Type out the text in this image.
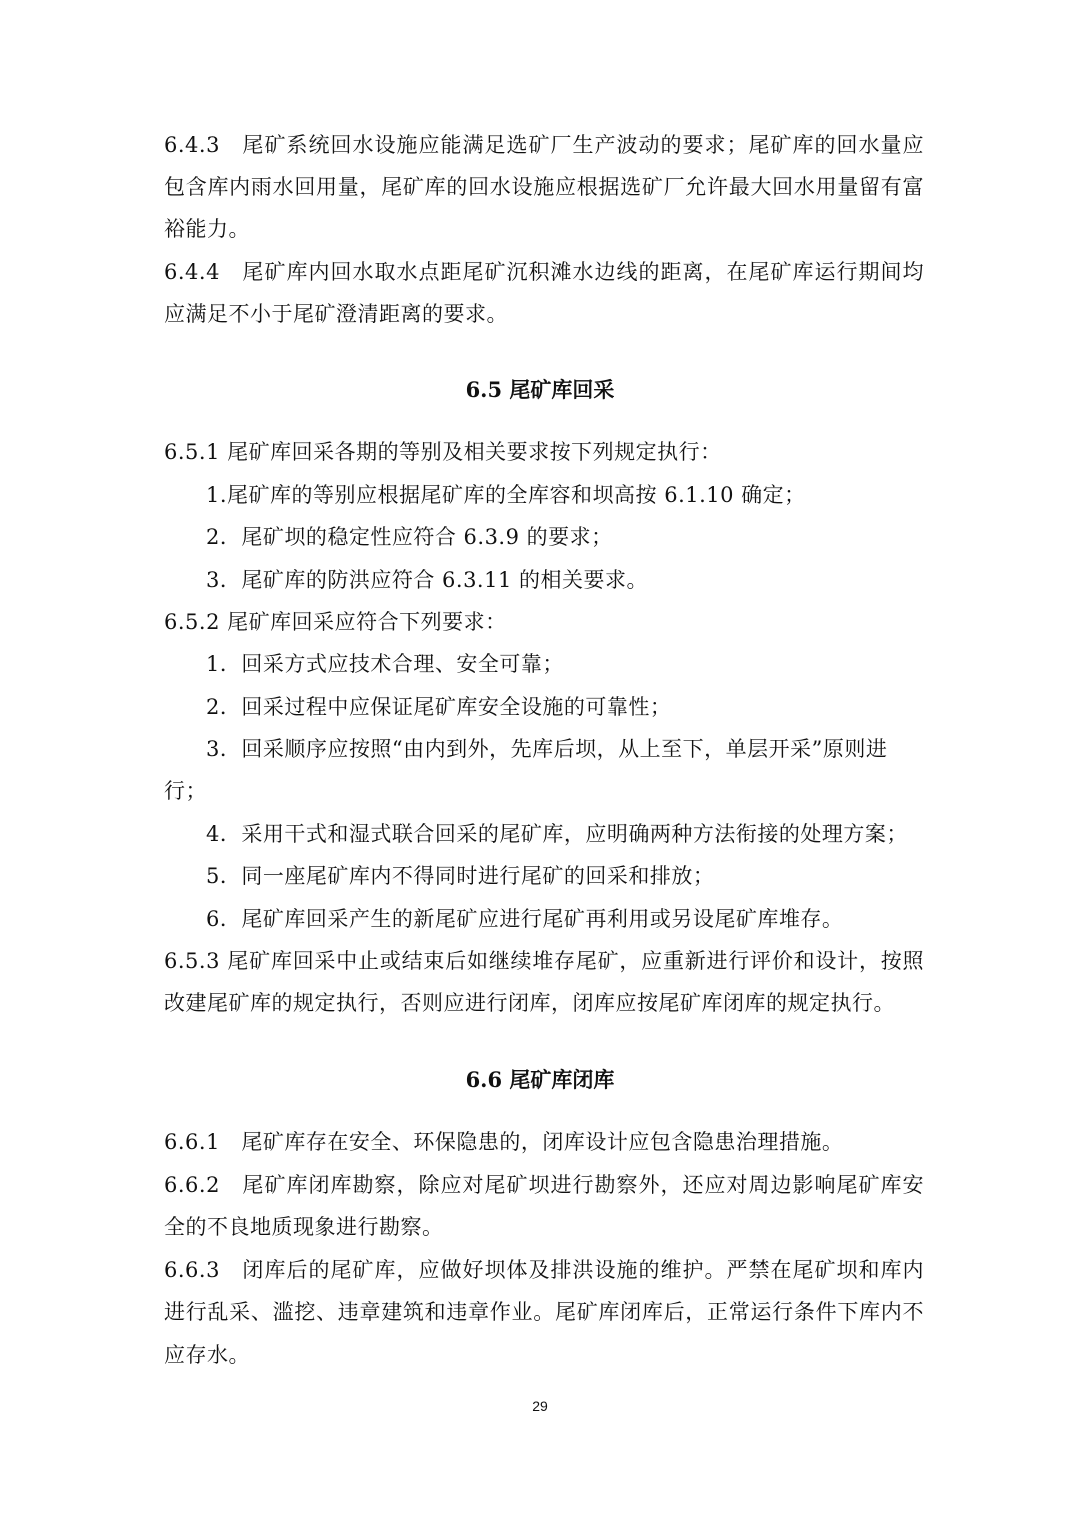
6.4.3　尾矿系统回水设施应能满足选矿厂生产波动的要求；尾矿库的回水量应

包含库内雨水回用量，尾矿库的回水设施应根据选矿厂允许最大回水用量留有富

裕能力。

6.4.4　尾矿库内回水取水点距尾矿沉积滩水边线的距离，在尾矿库运行期间均

应满足不小于尾矿澄清距离的要求。

6.5 尾矿库回采

6.5.1 尾矿库回采各期的等别及相关要求按下列规定执行：

1.尾矿库的等别应根据尾矿库的全库容和坝高按 6.1.10 确定；

2．尾矿坝的稳定性应符合 6.3.9 的要求；

3．尾矿库的防洪应符合 6.3.11 的相关要求。

6.5.2 尾矿库回采应符合下列要求：

1．回采方式应技术合理、安全可靠；

2．回采过程中应保证尾矿库安全设施的可靠性；

3．回采顺序应按照“由内到外，先库后坝，从上至下，单层开采”原则进

行；

4．采用干式和湿式联合回采的尾矿库，应明确两种方法衔接的处理方案；

5．同一座尾矿库内不得同时进行尾矿的回采和排放；

6．尾矿库回采产生的新尾矿应进行尾矿再利用或另设尾矿库堆存。

6.5.3 尾矿库回采中止或结束后如继续堆存尾矿，应重新进行评价和设计，按照

改建尾矿库的规定执行，否则应进行闭库，闭库应按尾矿库闭库的规定执行。

6.6 尾矿库闭库

6.6.1　尾矿库存在安全、环保隐患的，闭库设计应包含隐患治理措施。

6.6.2　尾矿库闭库勘察，除应对尾矿坝进行勘察外，还应对周边影响尾矿库安

全的不良地质现象进行勘察。

6.6.3　闭库后的尾矿库，应做好坝体及排洪设施的维护。严禁在尾矿坝和库内

进行乱采、滥挖、违章建筑和违章作业。尾矿库闭库后，正常运行条件下库内不

应存水。

29
